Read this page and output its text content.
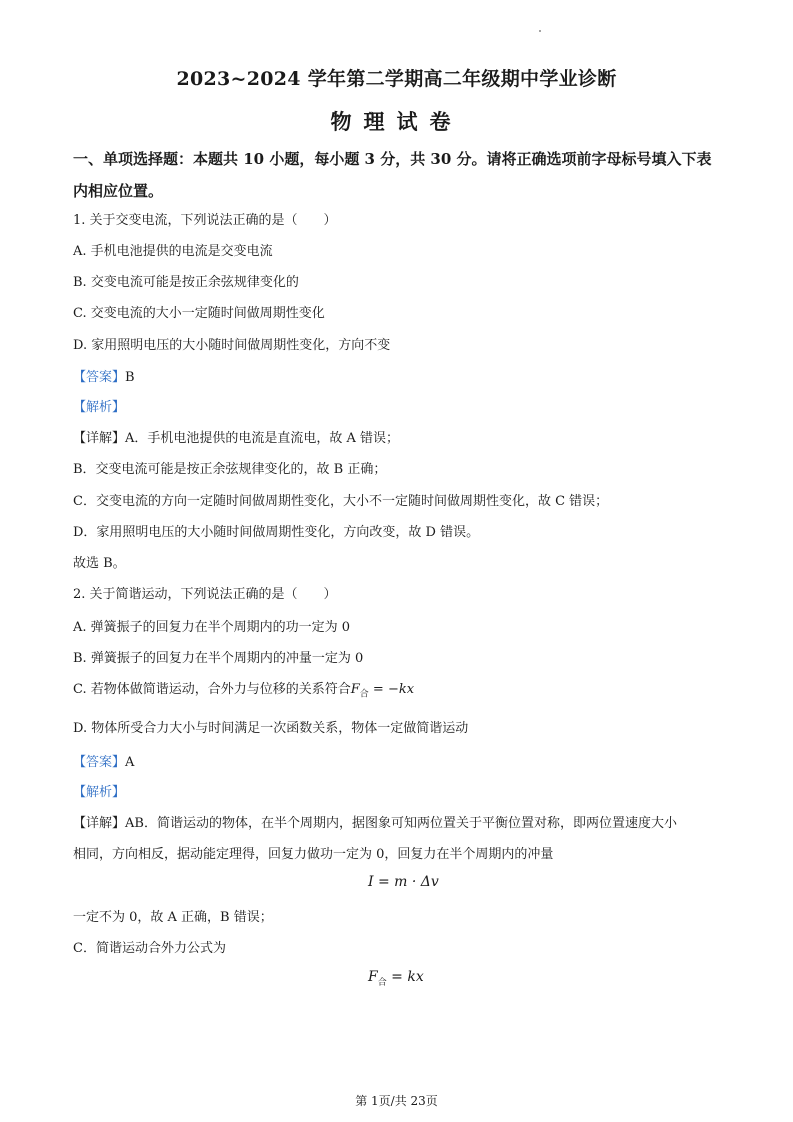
2023~2024 学年第二学期高二年级期中学业诊断
物理试卷
一、单项选择题：本题共 10 小题，每小题 3 分，共 30 分。请将正确选项前字母标号填入下表
内相应位置。
1. 关于交变电流，下列说法正确的是（　　）
A. 手机电池提供的电流是交变电流
B. 交变电流可能是按正余弦规律变化的
C. 交变电流的大小一定随时间做周期性变化
D. 家用照明电压的大小随时间做周期性变化，方向不变
【答案】B
【解析】
【详解】A．手机电池提供的电流是直流电，故 A 错误；
B．交变电流可能是按正余弦规律变化的，故 B 正确；
C．交变电流的方向一定随时间做周期性变化，大小不一定随时间做周期性变化，故 C 错误；
D．家用照明电压的大小随时间做周期性变化，方向改变，故 D 错误。
故选 B。
2. 关于简谐运动，下列说法正确的是（　　）
A. 弹簧振子的回复力在半个周期内的功一定为 0
B. 弹簧振子的回复力在半个周期内的冲量一定为 0
C. 若物体做简谐运动，合外力与位移的关系符合$F_合 = -kx$
D. 物体所受合力大小与时间满足一次函数关系，物体一定做简谐运动
【答案】A
【解析】
【详解】AB．简谐运动的物体，在半个周期内，据图象可知两位置关于平衡位置对称，即两位置速度大小
相同，方向相反，据动能定理得，回复力做功一定为 0，回复力在半个周期内的冲量
I = m · Δv
一定不为 0，故 A 正确，B 错误；
C．简谐运动合外力公式为
$F_合$ = kx
第 1页/共 23页
